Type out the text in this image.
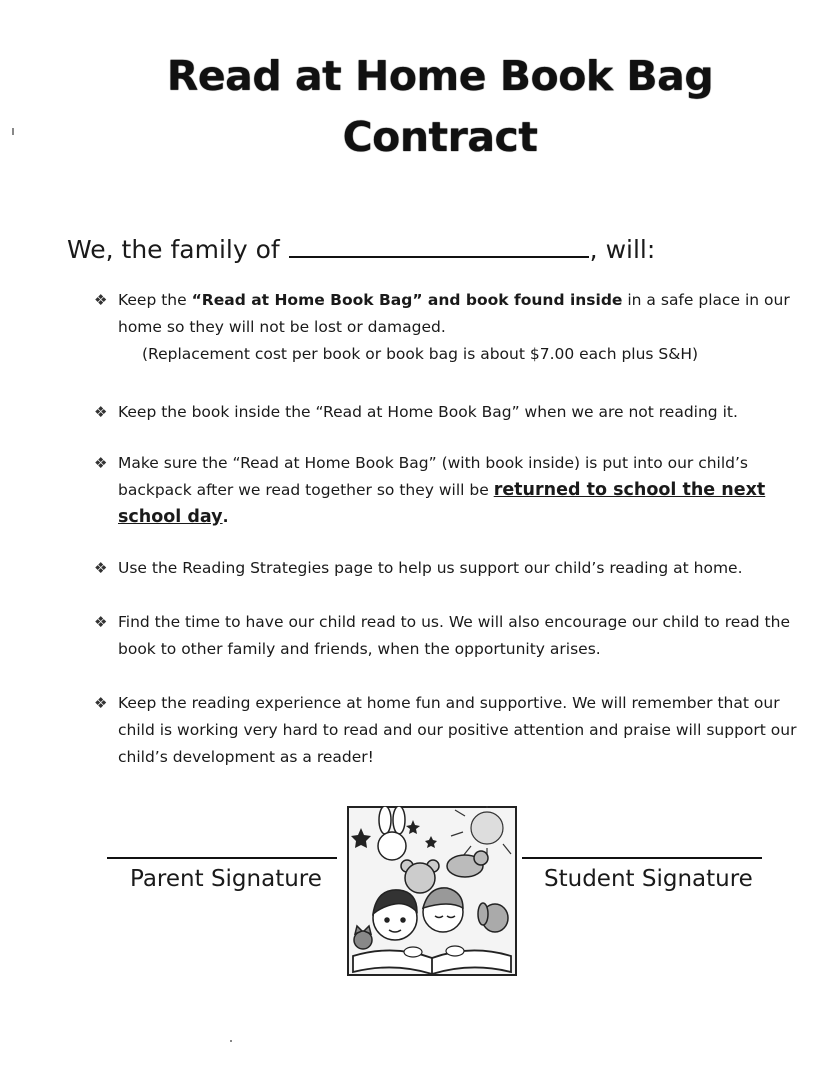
Read at Home Book Bag
Contract
We, the family of	, will:
❖ Keep the “Read at Home Book Bag” and book found inside in a safe place in our home so they will not be lost or damaged.
(Replacement cost per book or book bag is about $7.00 each plus S&H)
❖ Keep the book inside the “Read at Home Book Bag” when we are not reading it.
❖ Make sure the “Read at Home Book Bag” (with book inside) is put into our child’s backpack after we read together so they will be returned to school the next school day.
❖ Use the Reading Strategies page to help us support our child’s reading at home.
❖ Find the time to have our child read to us. We will also encourage our child to read the book to other family and friends, when the opportunity arises.
❖ Keep the reading experience at home fun and supportive. We will remember that our child is working very hard to read and our positive attention and praise will support our child’s development as a reader!
Parent Signature	Student Signature
